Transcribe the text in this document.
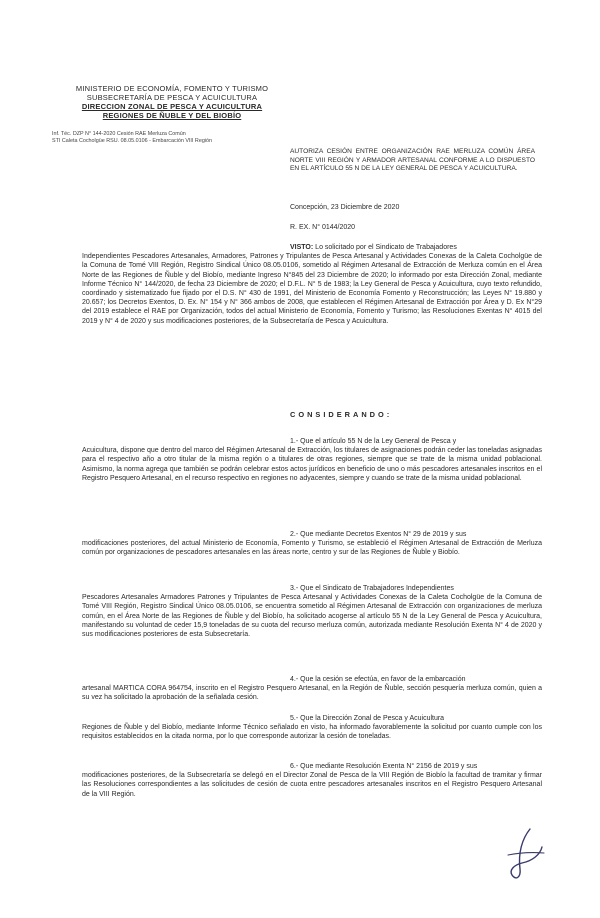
MINISTERIO DE ECONOMÍA, FOMENTO Y TURISMO
SUBSECRETARÍA DE PESCA Y ACUICULTURA
DIRECCION ZONAL DE PESCA Y ACUICULTURA
REGIONES DE ÑUBLE Y DEL BIOBÍO
Inf. Téc. DZP N° 144-2020 Cesión RAE Merluza Común
STI Caleta Cocholgüe RSU. 08.05.0106 - Embarcación VIII Región
AUTORIZA CESIÓN ENTRE ORGANIZACIÓN RAE MERLUZA COMÚN ÁREA NORTE VIII REGIÓN Y ARMADOR ARTESANAL CONFORME A LO DISPUESTO EN EL ARTÍCULO 55 N DE LA LEY GENERAL DE PESCA Y ACUICULTURA.
Concepción, 23 Diciembre de 2020
R. EX. N° 0144/2020
VISTO: Lo solicitado por el Sindicato de Trabajadores
Independientes Pescadores Artesanales, Armadores, Patrones y Tripulantes de Pesca Artesanal y Actividades Conexas de la Caleta Cocholgüe de la Comuna de Tomé VIII Región, Registro Sindical Único 08.05.0106, sometido al Régimen Artesanal de Extracción de Merluza común en el Área Norte de las Regiones de Ñuble y del Biobío, mediante Ingreso N°845 del 23 Diciembre de 2020; lo informado por esta Dirección Zonal, mediante Informe Técnico N° 144/2020, de fecha 23 Diciembre de 2020; el D.F.L. N° 5 de 1983; la Ley General de Pesca y Acuicultura, cuyo texto refundido, coordinado y sistematizado fue fijado por el D.S. N° 430 de 1991, del Ministerio de Economía Fomento y Reconstrucción; las Leyes N° 19.880 y 20.657; los Decretos Exentos, D. Ex. N° 154 y N° 366 ambos de 2008, que establecen el Régimen Artesanal de Extracción por Área y D. Ex N°29 del 2019 establece el RAE por Organización, todos del actual Ministerio de Economía, Fomento y Turismo; las Resoluciones Exentas N° 4015 del 2019 y N° 4 de 2020 y sus modificaciones posteriores, de la Subsecretaría de Pesca y Acuicultura.
CONSIDERANDO:
1.- Que el artículo 55 N de la Ley General de Pesca y
Acuicultura, dispone que dentro del marco del Régimen Artesanal de Extracción, los titulares de asignaciones podrán ceder las toneladas asignadas para el respectivo año a otro titular de la misma región o a titulares de otras regiones, siempre que se trate de la misma unidad poblacional. Asimismo, la norma agrega que también se podrán celebrar estos actos jurídicos en beneficio de uno o más pescadores artesanales inscritos en el Registro Pesquero Artesanal, en el recurso respectivo en regiones no adyacentes, siempre y cuando se trate de la misma unidad poblacional.
2.- Que mediante Decretos Exentos N° 29 de 2019 y sus
modificaciones posteriores, del actual Ministerio de Economía, Fomento y Turismo, se estableció el Régimen Artesanal de Extracción de Merluza común por organizaciones de pescadores artesanales en las áreas norte, centro y sur de las Regiones de Ñuble y Biobío.
3.- Que el Sindicato de Trabajadores Independientes
Pescadores Artesanales Armadores Patrones y Tripulantes de Pesca Artesanal y Actividades Conexas de la Caleta Cocholgüe de la Comuna de Tomé VIII Región, Registro Sindical Único 08.05.0106, se encuentra sometido al Régimen Artesanal de Extracción con organizaciones de merluza común, en el Área Norte de las Regiones de Ñuble y del Biobío, ha solicitado acogerse al artículo 55 N de la Ley General de Pesca y Acuicultura, manifestando su voluntad de ceder 15,9 toneladas de su cuota del recurso merluza común, autorizada mediante Resolución Exenta N° 4 de 2020 y sus modificaciones posteriores de esta Subsecretaría.
4.- Que la cesión se efectúa, en favor de la embarcación
artesanal MARTICA CORA 964754, inscrito en el Registro Pesquero Artesanal, en la Región de Ñuble, sección pesquería merluza común, quien a su vez ha solicitado la aprobación de la señalada cesión.
5.- Que la Dirección Zonal de Pesca y Acuicultura
Regiones de Ñuble y del Biobío, mediante Informe Técnico señalado en visto, ha informado favorablemente la solicitud por cuanto cumple con los requisitos establecidos en la citada norma, por lo que corresponde autorizar la cesión de toneladas.
6.- Que mediante Resolución Exenta N° 2156 de 2019 y sus
modificaciones posteriores, de la Subsecretaría se delegó en el Director Zonal de Pesca de la VIII Región de Biobío la facultad de tramitar y firmar las Resoluciones correspondientes a las solicitudes de cesión de cuota entre pescadores artesanales inscritos en el Registro Pesquero Artesanal de la VIII Región.
